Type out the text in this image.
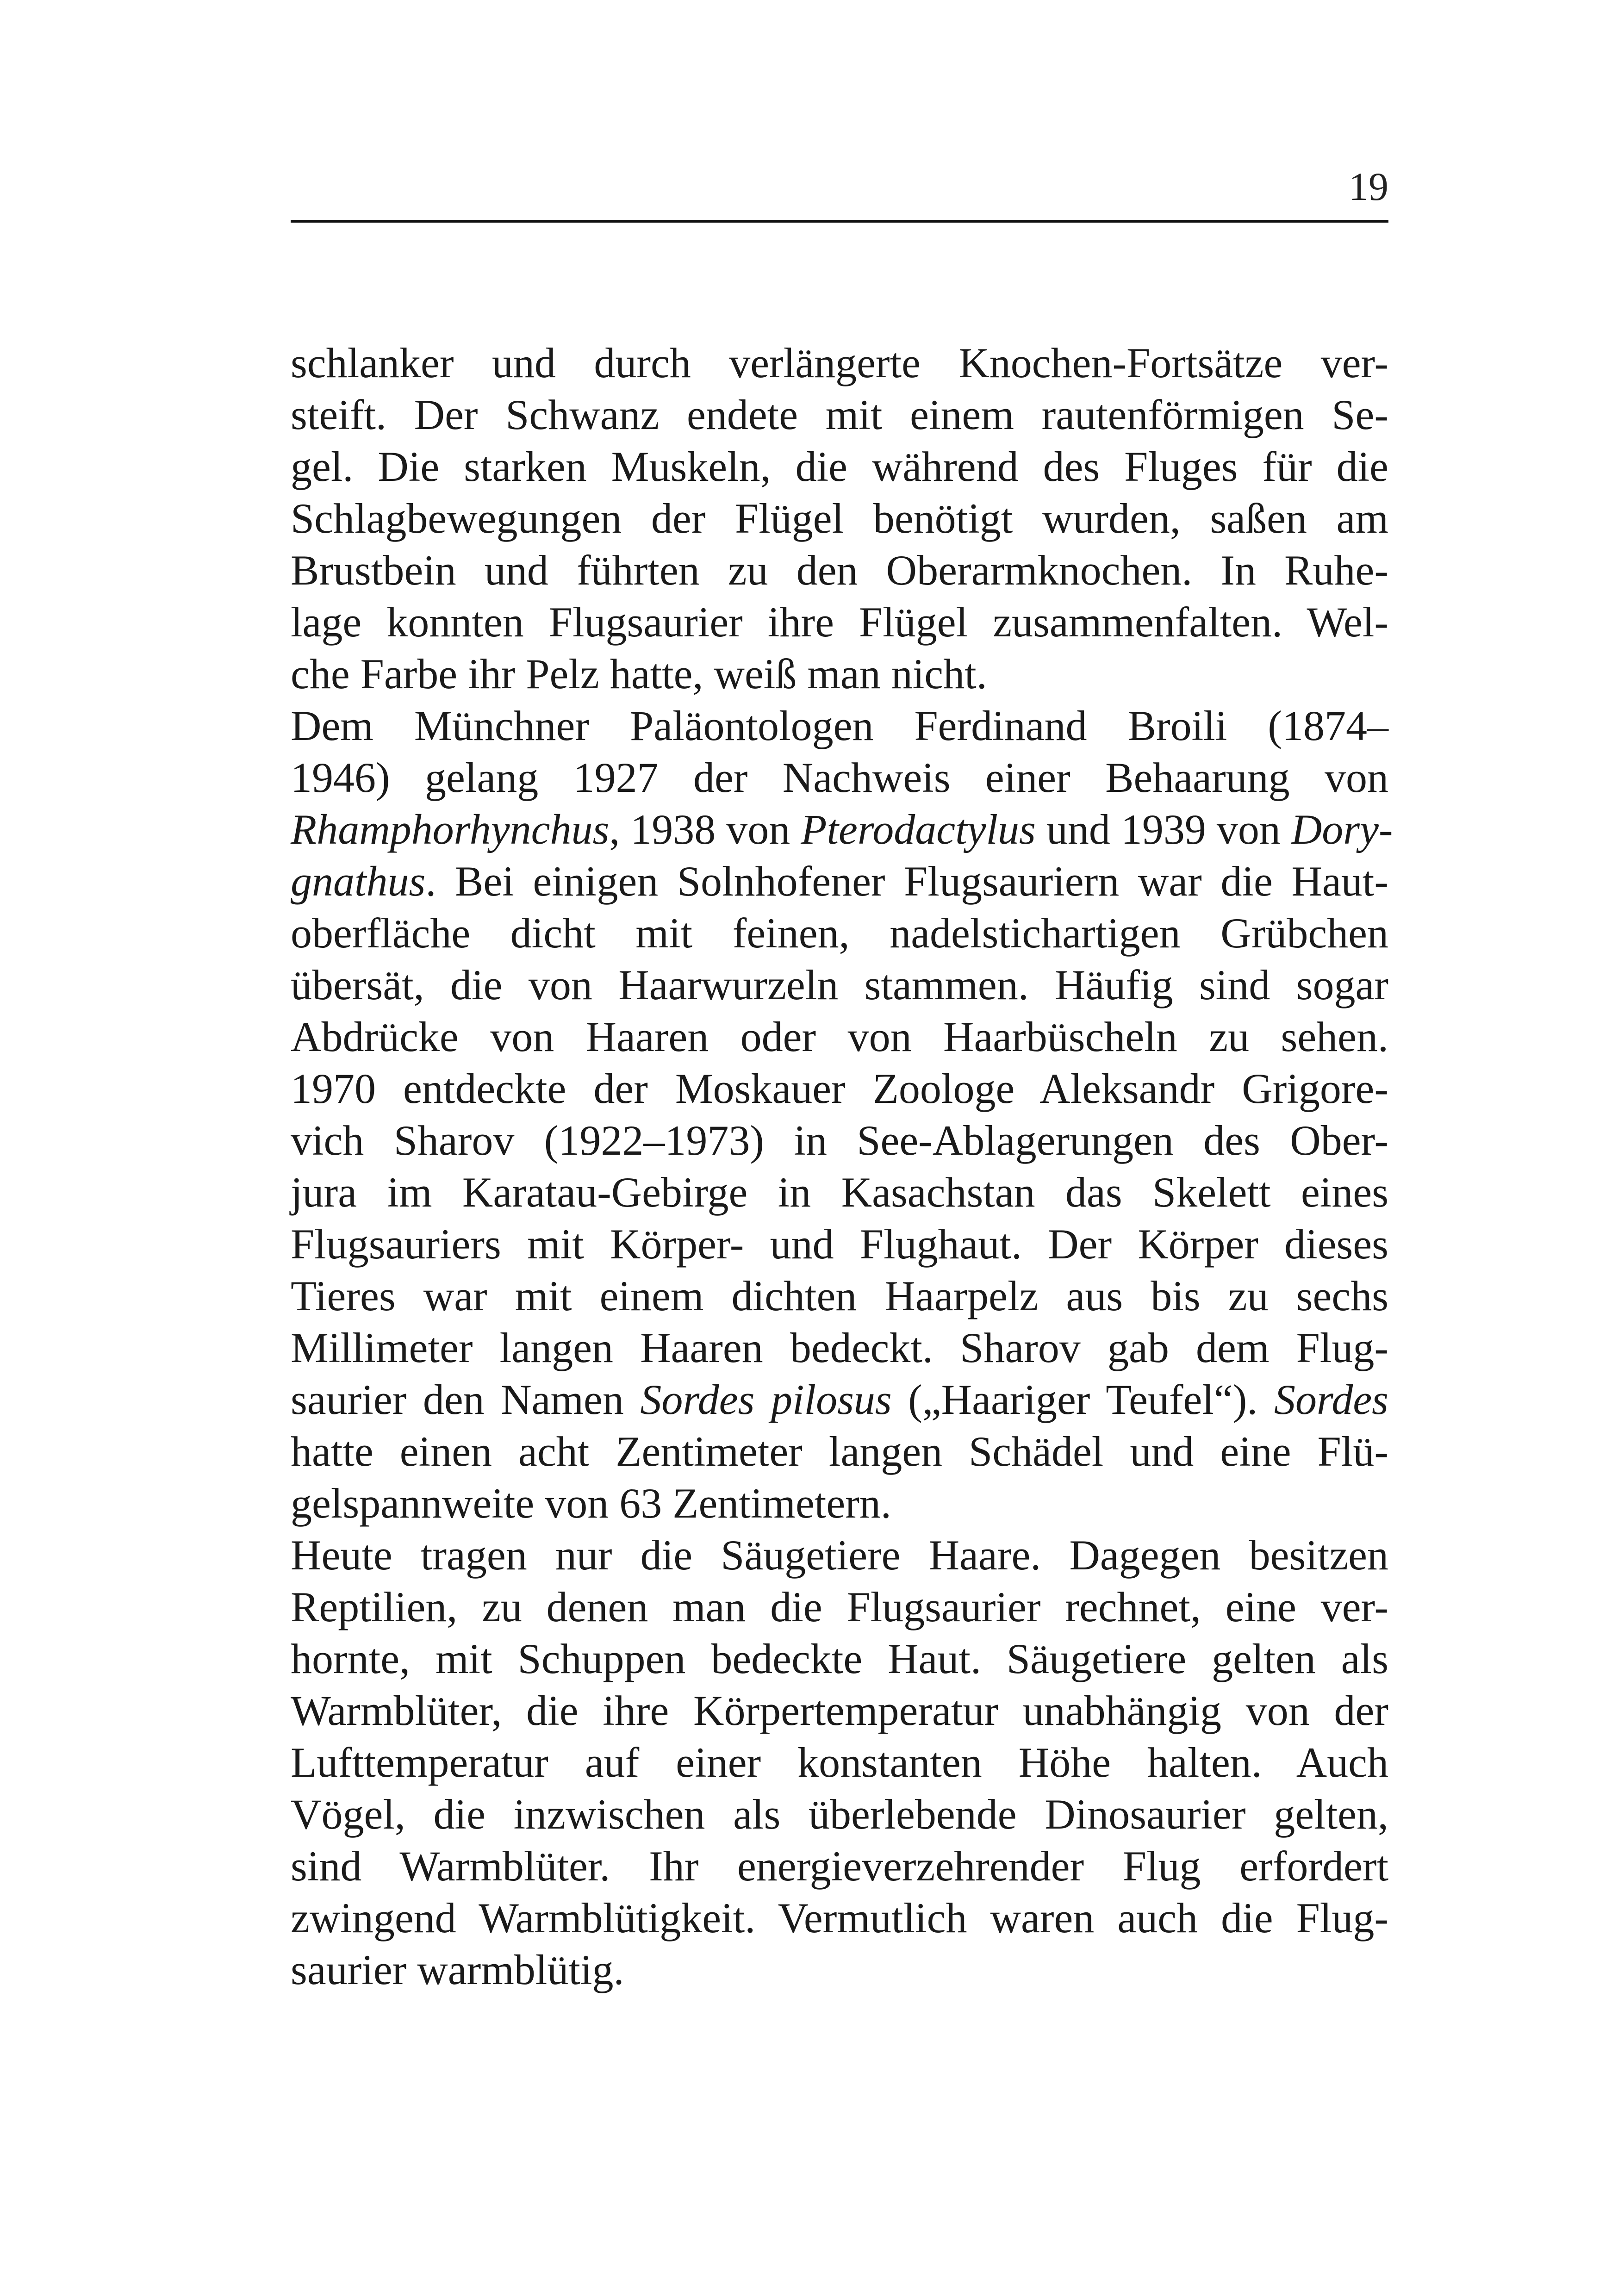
19
schlanker und durch verlängerte Knochen-Fortsätze ver-
steift. Der Schwanz endete mit einem rautenförmigen Se-
gel. Die starken Muskeln, die während des Fluges für die
Schlagbewegungen der Flügel benötigt wurden, saßen am
Brustbein und führten zu den Oberarmknochen. In Ruhe-
lage konnten Flugsaurier ihre Flügel zusammenfalten. Wel-
che Farbe ihr Pelz hatte, weiß man nicht.
Dem Münchner Paläontologen Ferdinand Broili (1874–
1946) gelang 1927 der Nachweis einer Behaarung von
Rhamphorhynchus, 1938 von Pterodactylus und 1939 von Dory-
gnathus. Bei einigen Solnhofener Flugsauriern war die Haut-
oberfläche dicht mit feinen, nadelstichartigen Grübchen
übersät, die von Haarwurzeln stammen. Häufig sind sogar
Abdrücke von Haaren oder von Haarbüscheln zu sehen.
1970 entdeckte der Moskauer Zoologe Aleksandr Grigore-
vich Sharov (1922–1973) in See-Ablagerungen des Ober-
jura im Karatau-Gebirge in Kasachstan das Skelett eines
Flugsauriers mit Körper- und Flughaut. Der Körper dieses
Tieres war mit einem dichten Haarpelz aus bis zu sechs
Millimeter langen Haaren bedeckt. Sharov gab dem Flug-
saurier den Namen Sordes pilosus („Haariger Teufel“). Sordes
hatte einen acht Zentimeter langen Schädel und eine Flü-
gelspannweite von 63 Zentimetern.
Heute tragen nur die Säugetiere Haare. Dagegen besitzen
Reptilien, zu denen man die Flugsaurier rechnet, eine ver-
hornte, mit Schuppen bedeckte Haut. Säugetiere gelten als
Warmblüter, die ihre Körpertemperatur unabhängig von der
Lufttemperatur auf einer konstanten Höhe halten. Auch
Vögel, die inzwischen als überlebende Dinosaurier gelten,
sind Warmblüter. Ihr energieverzehrender Flug erfordert
zwingend Warmblütigkeit. Vermutlich waren auch die Flug-
saurier warmblütig.
